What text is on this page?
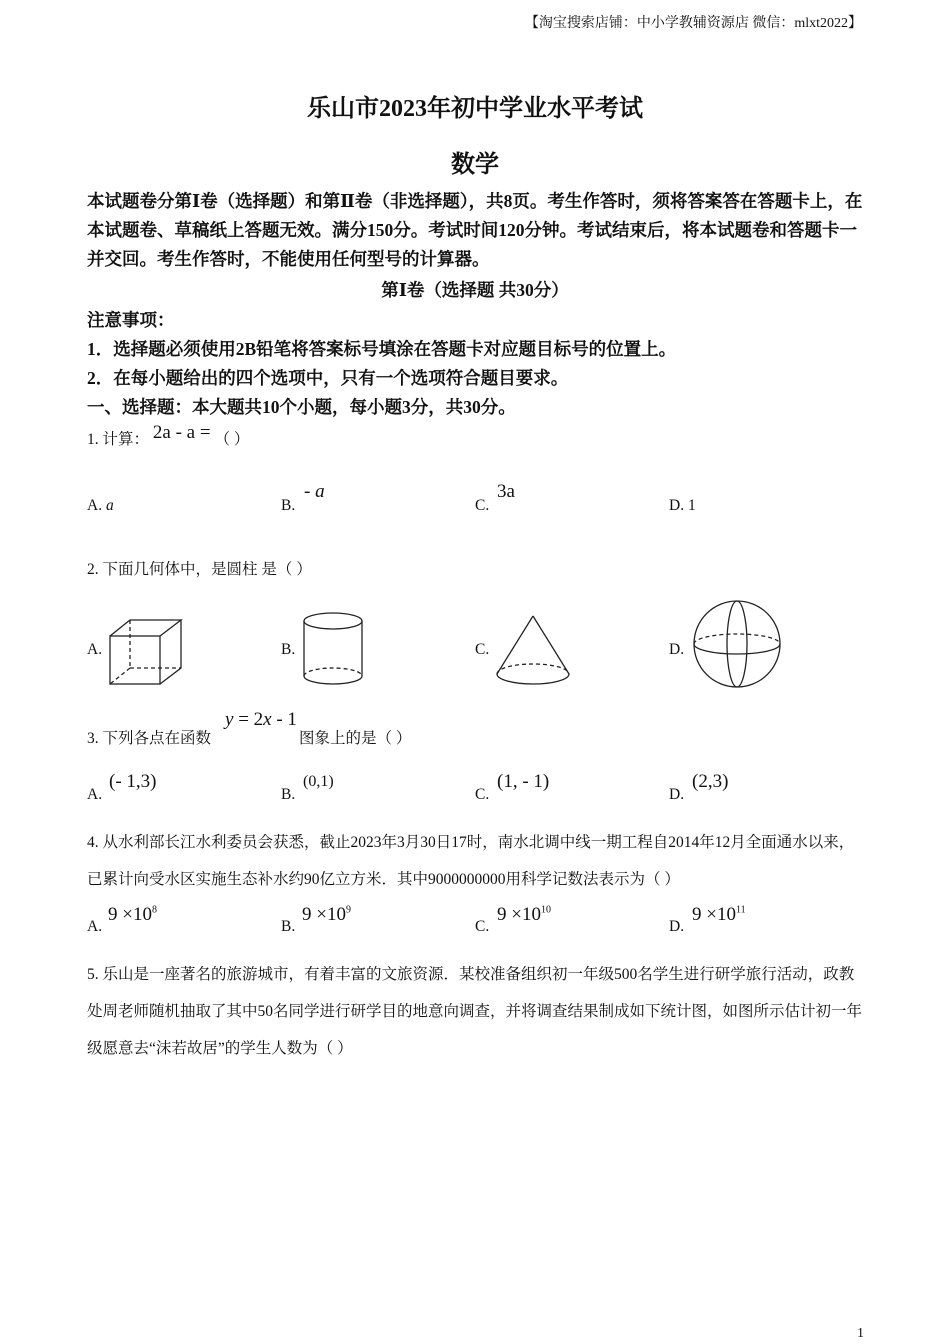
【淘宝搜索店铺：中小学教辅资源店 微信：mlxt2022】
乐山市2023年初中学业水平考试
数学
本试题卷分第Ⅰ卷（选择题）和第Ⅱ卷（非选择题），共8页。考生作答时，须将答案答在答题卡上，在本试题卷、草稿纸上答题无效。满分150分。考试时间120分钟。考试结束后，将本试题卷和答题卡一并交回。考生作答时，不能使用任何型号的计算器。
第Ⅰ卷（选择题 共30分）
注意事项：
1．选择题必须使用2B铅笔将答案标号填涂在答题卡对应题目标号的位置上。
2．在每小题给出的四个选项中，只有一个选项符合题目要求。
一、选择题：本大题共10个小题，每小题3分，共30分。
1. 计算： 2a - a = （ ）
A. a	B.
- a
C.
3a
D. 1
2. 下面几何体中，是圆柱 是（ ）
A.	B.	C.	D.
3. 下列各点在函数
y = 2x - 1
图象上的是（ ）
A.
(- 1,3)
B.
(0,1)
C.
(1, - 1)
D.
(2,3)
4. 从水利部长江水利委员会获悉，截止2023年3月30日17时，南水北调中线一期工程自2014年12月全面通水以来，已累计向受水区实施生态补水约90亿立方米．其中9000000000用科学记数法表示为（ ）
A.
$9 \times 10^8$
B.
$9 \times 10^9$
C.
$9 \times 10^{10}$
D.
$9 \times 10^{11}$
5. 乐山是一座著名的旅游城市，有着丰富的文旅资源．某校准备组织初一年级500名学生进行研学旅行活动，政教处周老师随机抽取了其中50名同学进行研学目的地意向调查，并将调查结果制成如下统计图，如图所示估计初一年级愿意去“沫若故居”的学生人数为（ ）
1
